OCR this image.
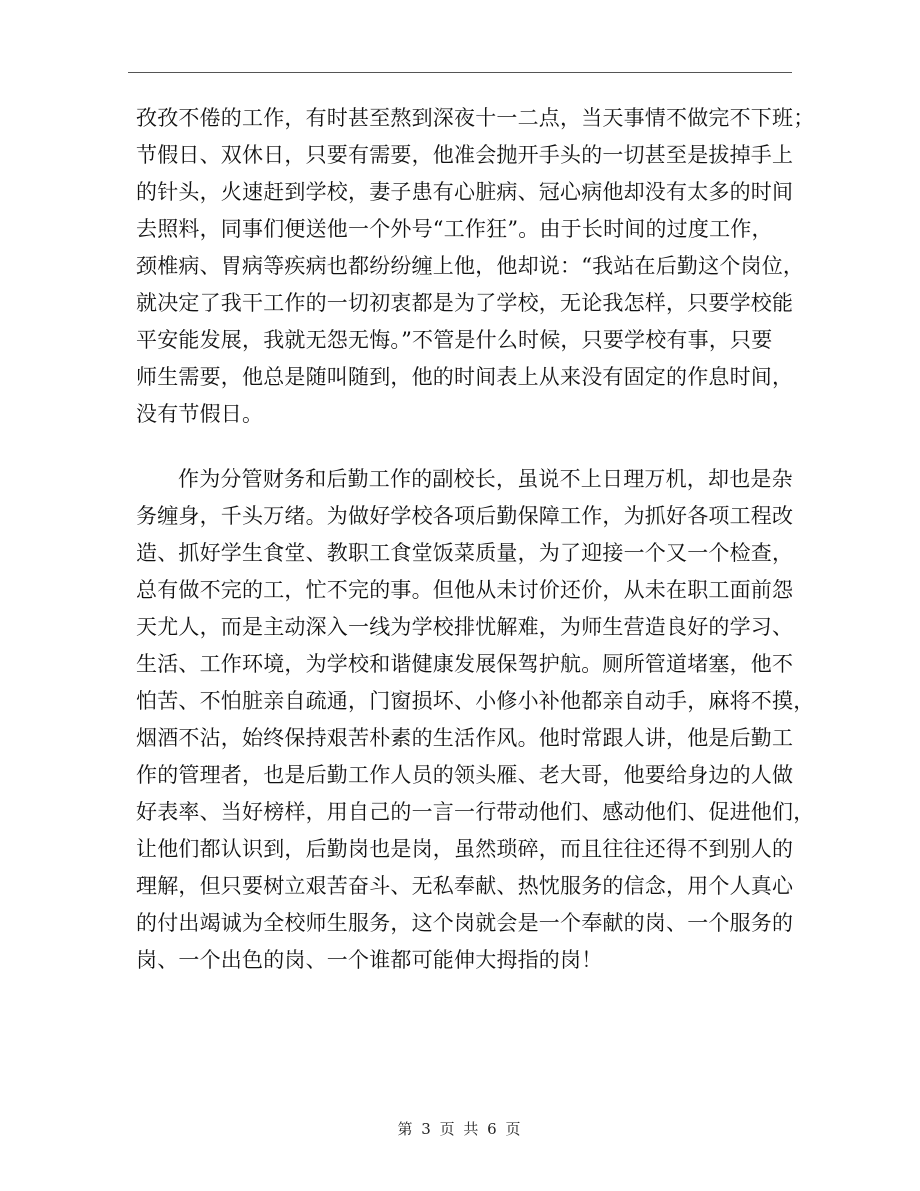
孜孜不倦的工作，有时甚至熬到深夜十一二点，当天事情不做完不下班；
节假日、双休日，只要有需要，他准会抛开手头的一切甚至是拔掉手上
的针头，火速赶到学校，妻子患有心脏病、冠心病他却没有太多的时间
去照料，同事们便送他一个外号“工作狂”。由于长时间的过度工作，
颈椎病、胃病等疾病也都纷纷缠上他，他却说：“我站在后勤这个岗位，
就决定了我干工作的一切初衷都是为了学校，无论我怎样，只要学校能
平安能发展，我就无怨无悔。”不管是什么时候，只要学校有事，只要
师生需要，他总是随叫随到，他的时间表上从来没有固定的作息时间，
没有节假日。
作为分管财务和后勤工作的副校长，虽说不上日理万机，却也是杂
务缠身，千头万绪。为做好学校各项后勤保障工作，为抓好各项工程改
造、抓好学生食堂、教职工食堂饭菜质量，为了迎接一个又一个检查，
总有做不完的工，忙不完的事。但他从未讨价还价，从未在职工面前怨
天尤人，而是主动深入一线为学校排忧解难，为师生营造良好的学习、
生活、工作环境，为学校和谐健康发展保驾护航。厕所管道堵塞，他不
怕苦、不怕脏亲自疏通，门窗损坏、小修小补他都亲自动手，麻将不摸，
烟酒不沾，始终保持艰苦朴素的生活作风。他时常跟人讲，他是后勤工
作的管理者，也是后勤工作人员的领头雁、老大哥，他要给身边的人做
好表率、当好榜样，用自己的一言一行带动他们、感动他们、促进他们，
让他们都认识到，后勤岗也是岗，虽然琐碎，而且往往还得不到别人的
理解，但只要树立艰苦奋斗、无私奉献、热忱服务的信念，用个人真心
的付出竭诚为全校师生服务，这个岗就会是一个奉献的岗、一个服务的
岗、一个出色的岗、一个谁都可能伸大拇指的岗！
第 3 页 共 6 页
